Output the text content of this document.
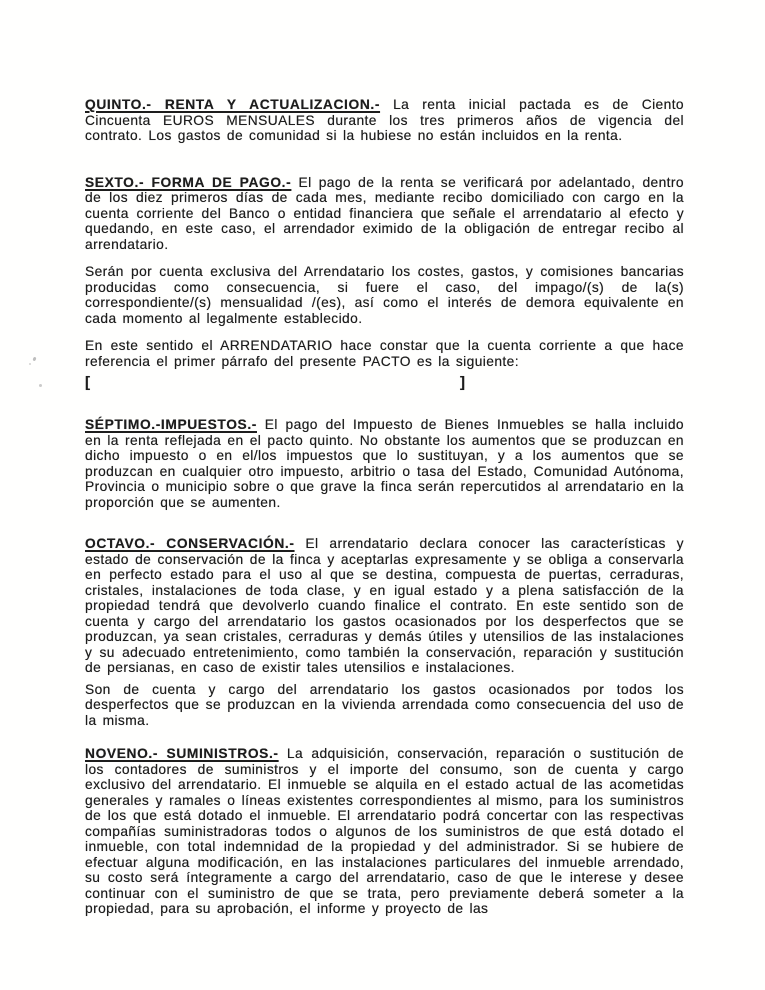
QUINTO.- RENTA Y ACTUALIZACION.- La renta inicial pactada es de Ciento Cincuenta EUROS MENSUALES durante los tres primeros años de vigencia del contrato. Los gastos de comunidad si la hubiese no están incluidos en la renta.

SEXTO.- FORMA DE PAGO.- El pago de la renta se verificará por adelantado, dentro de los diez primeros días de cada mes, mediante recibo domiciliado con cargo en la cuenta corriente del Banco o entidad financiera que señale el arrendatario al efecto y quedando, en este caso, el arrendador eximido de la obligación de entregar recibo al arrendatario.

Serán por cuenta exclusiva del Arrendatario los costes, gastos, y comisiones bancarias producidas como consecuencia, si fuere el caso, del impago/(s) de la(s) correspondiente/(s) mensualidad /(es), así como el interés de demora equivalente en cada momento al legalmente establecido.

En este sentido el ARRENDATARIO hace constar que la cuenta corriente a que hace referencia el primer párrafo del presente PACTO es la siguiente:

[	]

SÉPTIMO.-IMPUESTOS.- El pago del Impuesto de Bienes Inmuebles se halla incluido en la renta reflejada en el pacto quinto. No obstante los aumentos que se produzcan en dicho impuesto o en el/los impuestos que lo sustituyan, y a los aumentos que se produzcan en cualquier otro impuesto, arbitrio o tasa del Estado, Comunidad Autónoma, Provincia o municipio sobre o que grave la finca serán repercutidos al arrendatario en la proporción que se aumenten.

OCTAVO.- CONSERVACIÓN.- El arrendatario declara conocer las características y estado de conservación de la finca y aceptarlas expresamente y se obliga a conservarla en perfecto estado para el uso al que se destina, compuesta de puertas, cerraduras, cristales, instalaciones de toda clase, y en igual estado y a plena satisfacción de la propiedad tendrá que devolverlo cuando finalice el contrato. En este sentido son de cuenta y cargo del arrendatario los gastos ocasionados por los desperfectos que se produzcan, ya sean cristales, cerraduras y demás útiles y utensilios de las instalaciones y su adecuado entretenimiento, como también la conservación, reparación y sustitución de persianas, en caso de existir tales utensilios e instalaciones.

Son de cuenta y cargo del arrendatario los gastos ocasionados por todos los desperfectos que se produzcan en la vivienda arrendada como consecuencia del uso de la misma.

NOVENO.- SUMINISTROS.- La adquisición, conservación, reparación o sustitución de los contadores de suministros y el importe del consumo, son de cuenta y cargo exclusivo del arrendatario. El inmueble se alquila en el estado actual de las acometidas generales y ramales o líneas existentes correspondientes al mismo, para los suministros de los que está dotado el inmueble. El arrendatario podrá concertar con las respectivas compañías suministradoras todos o algunos de los suministros de que está dotado el inmueble, con total indemnidad de la propiedad y del administrador. Si se hubiere de efectuar alguna modificación, en las instalaciones particulares del inmueble arrendado, su costo será íntegramente a cargo del arrendatario, caso de que le interese y desee continuar con el suministro de que se trata, pero previamente deberá someter a la propiedad, para su aprobación, el informe y proyecto de las
